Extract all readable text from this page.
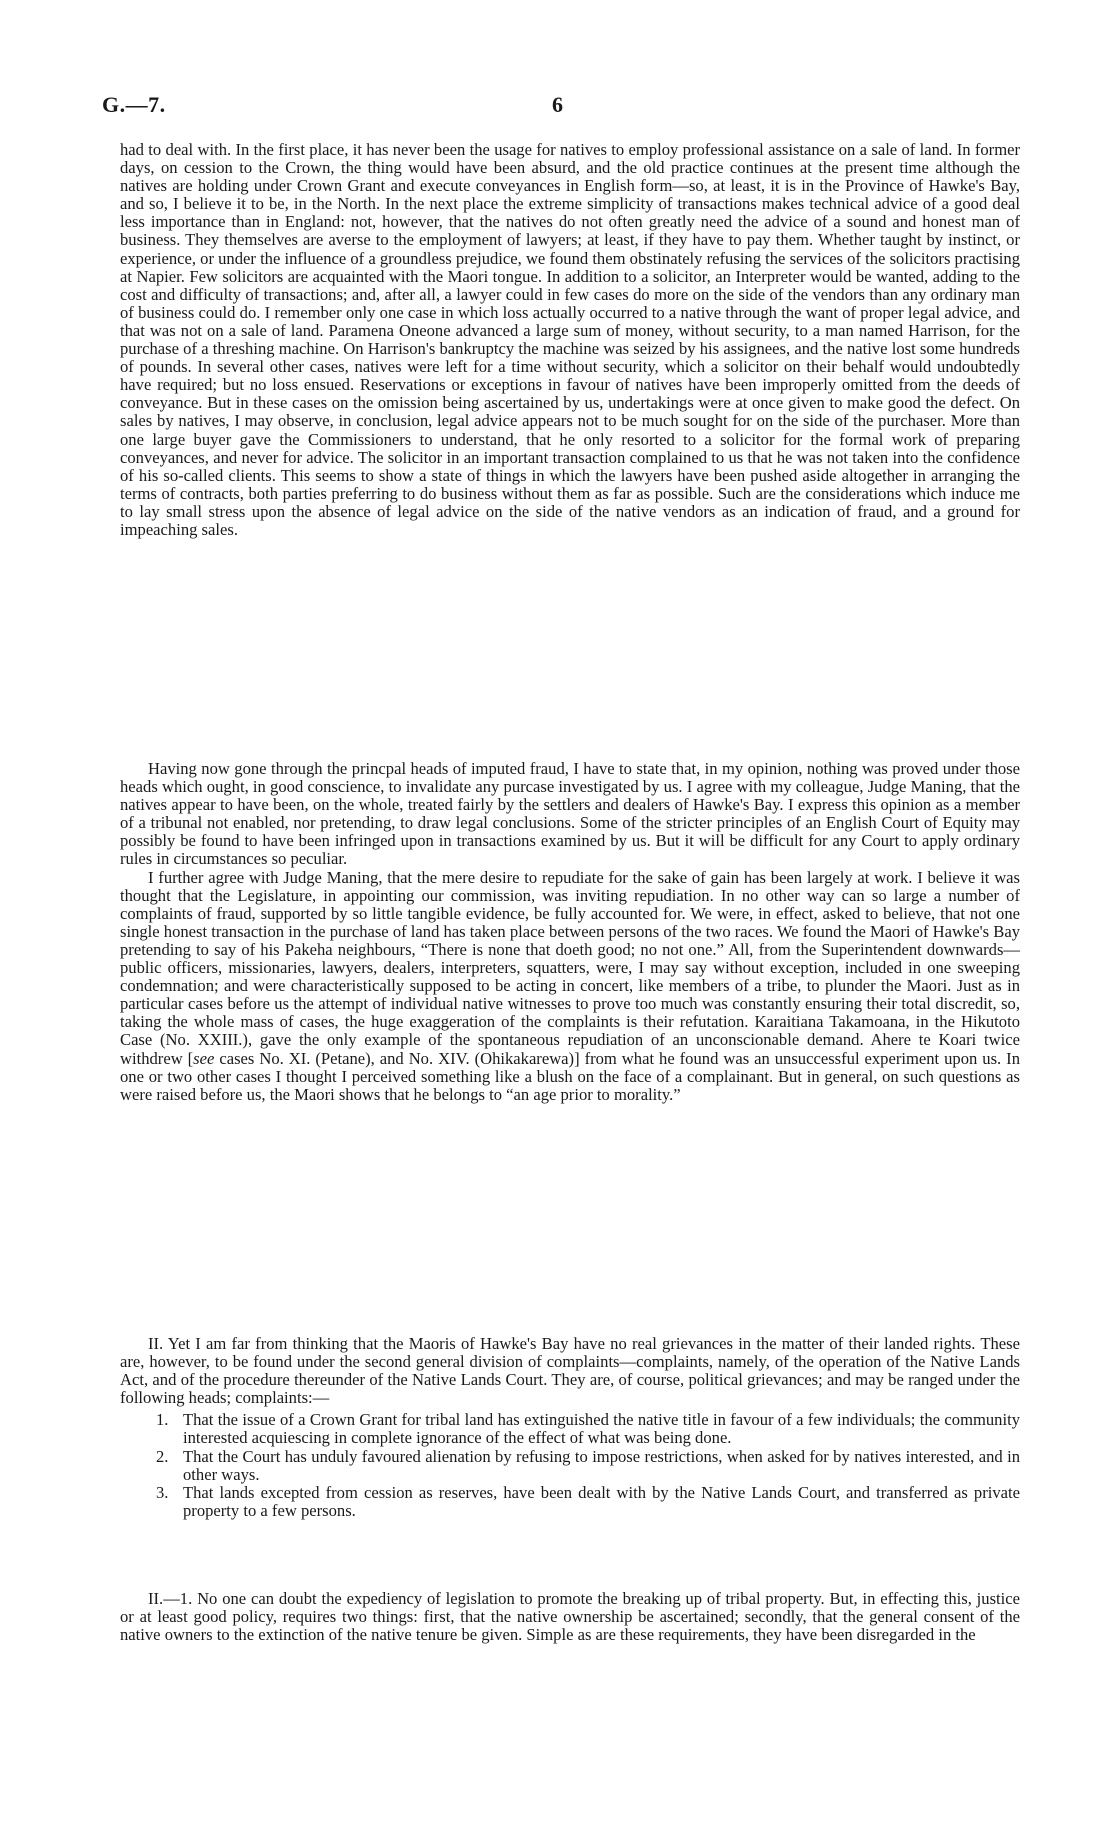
G.—7.	6

had to deal with. In the first place, it has never been the usage for natives to employ professional assistance on a sale of land. In former days, on cession to the Crown, the thing would have been absurd, and the old practice continues at the present time although the natives are holding under Crown Grant and execute conveyances in English form—so, at least, it is in the Province of Hawke's Bay, and so, I believe it to be, in the North. In the next place the extreme simplicity of transactions makes technical advice of a good deal less importance than in England: not, however, that the natives do not often greatly need the advice of a sound and honest man of business. They themselves are averse to the employment of lawyers; at least, if they have to pay them. Whether taught by instinct, or experience, or under the influence of a groundless prejudice, we found them obstinately refusing the services of the solicitors practising at Napier. Few solicitors are acquainted with the Maori tongue. In addition to a solicitor, an Interpreter would be wanted, adding to the cost and difficulty of transactions; and, after all, a lawyer could in few cases do more on the side of the vendors than any ordinary man of business could do. I remember only one case in which loss actually occurred to a native through the want of proper legal advice, and that was not on a sale of land. Paramena Oneone advanced a large sum of money, without security, to a man named Harrison, for the purchase of a threshing machine. On Harrison's bankruptcy the machine was seized by his assignees, and the native lost some hundreds of pounds. In several other cases, natives were left for a time without security, which a solicitor on their behalf would undoubtedly have required; but no loss ensued. Reservations or exceptions in favour of natives have been improperly omitted from the deeds of conveyance. But in these cases on the omission being ascertained by us, undertakings were at once given to make good the defect. On sales by natives, I may observe, in conclusion, legal advice appears not to be much sought for on the side of the purchaser. More than one large buyer gave the Commissioners to understand, that he only resorted to a solicitor for the formal work of preparing conveyances, and never for advice. The solicitor in an important transaction complained to us that he was not taken into the confidence of his so-called clients. This seems to show a state of things in which the lawyers have been pushed aside altogether in arranging the terms of contracts, both parties preferring to do business without them as far as possible. Such are the considerations which induce me to lay small stress upon the absence of legal advice on the side of the native vendors as an indication of fraud, and a ground for impeaching sales.

Having now gone through the princpal heads of imputed fraud, I have to state that, in my opinion, nothing was proved under those heads which ought, in good conscience, to invalidate any purcase investigated by us. I agree with my colleague, Judge Maning, that the natives appear to have been, on the whole, treated fairly by the settlers and dealers of Hawke's Bay. I express this opinion as a member of a tribunal not enabled, nor pretending, to draw legal conclusions. Some of the stricter principles of an English Court of Equity may possibly be found to have been infringed upon in transactions examined by us. But it will be difficult for any Court to apply ordinary rules in circumstances so peculiar.

I further agree with Judge Maning, that the mere desire to repudiate for the sake of gain has been largely at work. I believe it was thought that the Legislature, in appointing our commission, was inviting repudiation. In no other way can so large a number of complaints of fraud, supported by so little tangible evidence, be fully accounted for. We were, in effect, asked to believe, that not one single honest transaction in the purchase of land has taken place between persons of the two races. We found the Maori of Hawke's Bay pretending to say of his Pakeha neighbours, “There is none that doeth good; no not one.” All, from the Superintendent downwards—public officers, missionaries, lawyers, dealers, interpreters, squatters, were, I may say without exception, included in one sweeping condemnation; and were characteristically supposed to be acting in concert, like members of a tribe, to plunder the Maori. Just as in particular cases before us the attempt of individual native witnesses to prove too much was constantly ensuring their total discredit, so, taking the whole mass of cases, the huge exaggeration of the complaints is their refutation. Karaitiana Takamoana, in the Hikutoto Case (No. XXIII.), gave the only example of the spontaneous repudiation of an unconscionable demand. Ahere te Koari twice withdrew [see cases No. XI. (Petane), and No. XIV. (Ohikakarewa)] from what he found was an unsuccessful experiment upon us. In one or two other cases I thought I perceived something like a blush on the face of a complainant. But in general, on such questions as were raised before us, the Maori shows that he belongs to “an age prior to morality.”

II. Yet I am far from thinking that the Maoris of Hawke's Bay have no real grievances in the matter of their landed rights. These are, however, to be found under the second general division of complaints—complaints, namely, of the operation of the Native Lands Act, and of the procedure thereunder of the Native Lands Court. They are, of course, political grievances; and may be ranged under the following heads; complaints:—

1. That the issue of a Crown Grant for tribal land has extinguished the native title in favour of a few individuals; the community interested acquiescing in complete ignorance of the effect of what was being done.
2. That the Court has unduly favoured alienation by refusing to impose restrictions, when asked for by natives interested, and in other ways.
3. That lands excepted from cession as reserves, have been dealt with by the Native Lands Court, and transferred as private property to a few persons.

II.—1. No one can doubt the expediency of legislation to promote the breaking up of tribal property. But, in effecting this, justice or at least good policy, requires two things: first, that the native ownership be ascertained; secondly, that the general consent of the native owners to the extinction of the native tenure be given. Simple as are these requirements, they have been disregarded in the
